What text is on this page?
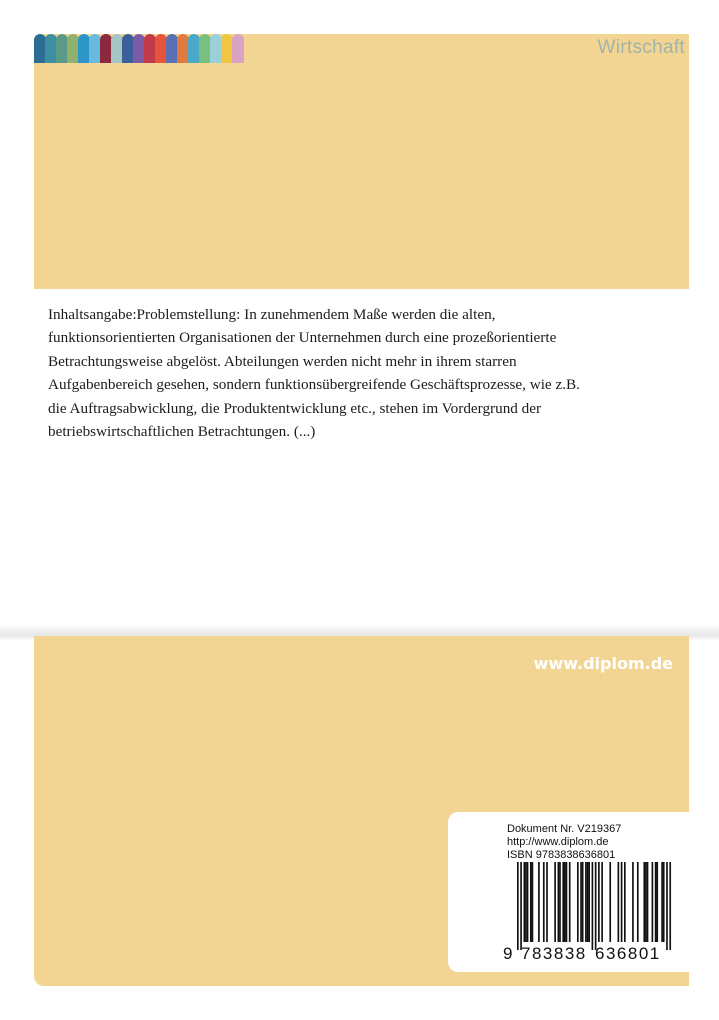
Wirtschaft
Inhaltsangabe:Problemstellung: In zunehmendem Maße werden die alten,
funktionsorientierten Organisationen der Unternehmen durch eine prozeßorientierte
Betrachtungsweise abgelöst. Abteilungen werden nicht mehr in ihrem starren
Aufgabenbereich gesehen, sondern funktionsübergreifende Geschäftsprozesse, wie z.B.
die Auftragsabwicklung, die Produktentwicklung etc., stehen im Vordergrund der
betriebswirtschaftlichen Betrachtungen. (...)
www.diplom.de
Dokument Nr. V219367
http://www.diplom.de
ISBN 9783838636801
9 783838 636801
